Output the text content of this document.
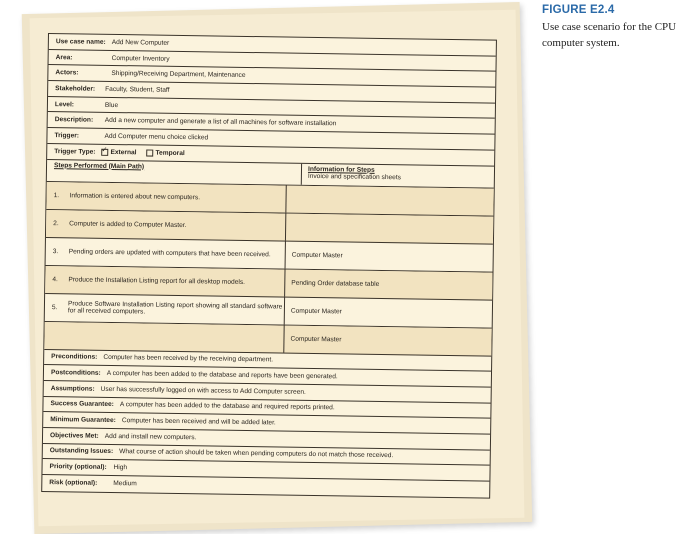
Use case name: Add New Computer
Area:	Computer Inventory
Actors:	Shipping/Receiving Department, Maintenance
Stakeholder:	Faculty, Student, Staff
Level:	Blue
Description:	Add a new computer and generate a list of all machines for software installation
Trigger:	Add Computer menu choice clicked
Trigger Type:
✓ External	Temporal
Steps Performed (Main Path)	Information for Steps
Invoice and specification sheets
1.	Information is entered about new computers.
2.	Computer is added to Computer Master.
3.	Pending orders are updated with computers that have been received.	Computer Master
4.	Produce the Installation Listing report for all desktop models.	Pending Order database table
5.	Produce Software Installation Listing report showing all standard software for all received computers.	Computer Master
Computer Master
Preconditions: Computer has been received by the receiving department.
Postconditions: A computer has been added to the database and reports have been generated.
Assumptions: User has successfully logged on with access to Add Computer screen.
Success Guarantee: A computer has been added to the database and required reports printed.
Minimum Guarantee: Computer has been received and will be added later.
Objectives Met: Add and install new computers.
Outstanding Issues: What course of action should be taken when pending computers do not match those received.
Priority (optional): High
Risk (optional):	Medium
FIGURE E2.4
Use case scenario for the CPU computer system.
